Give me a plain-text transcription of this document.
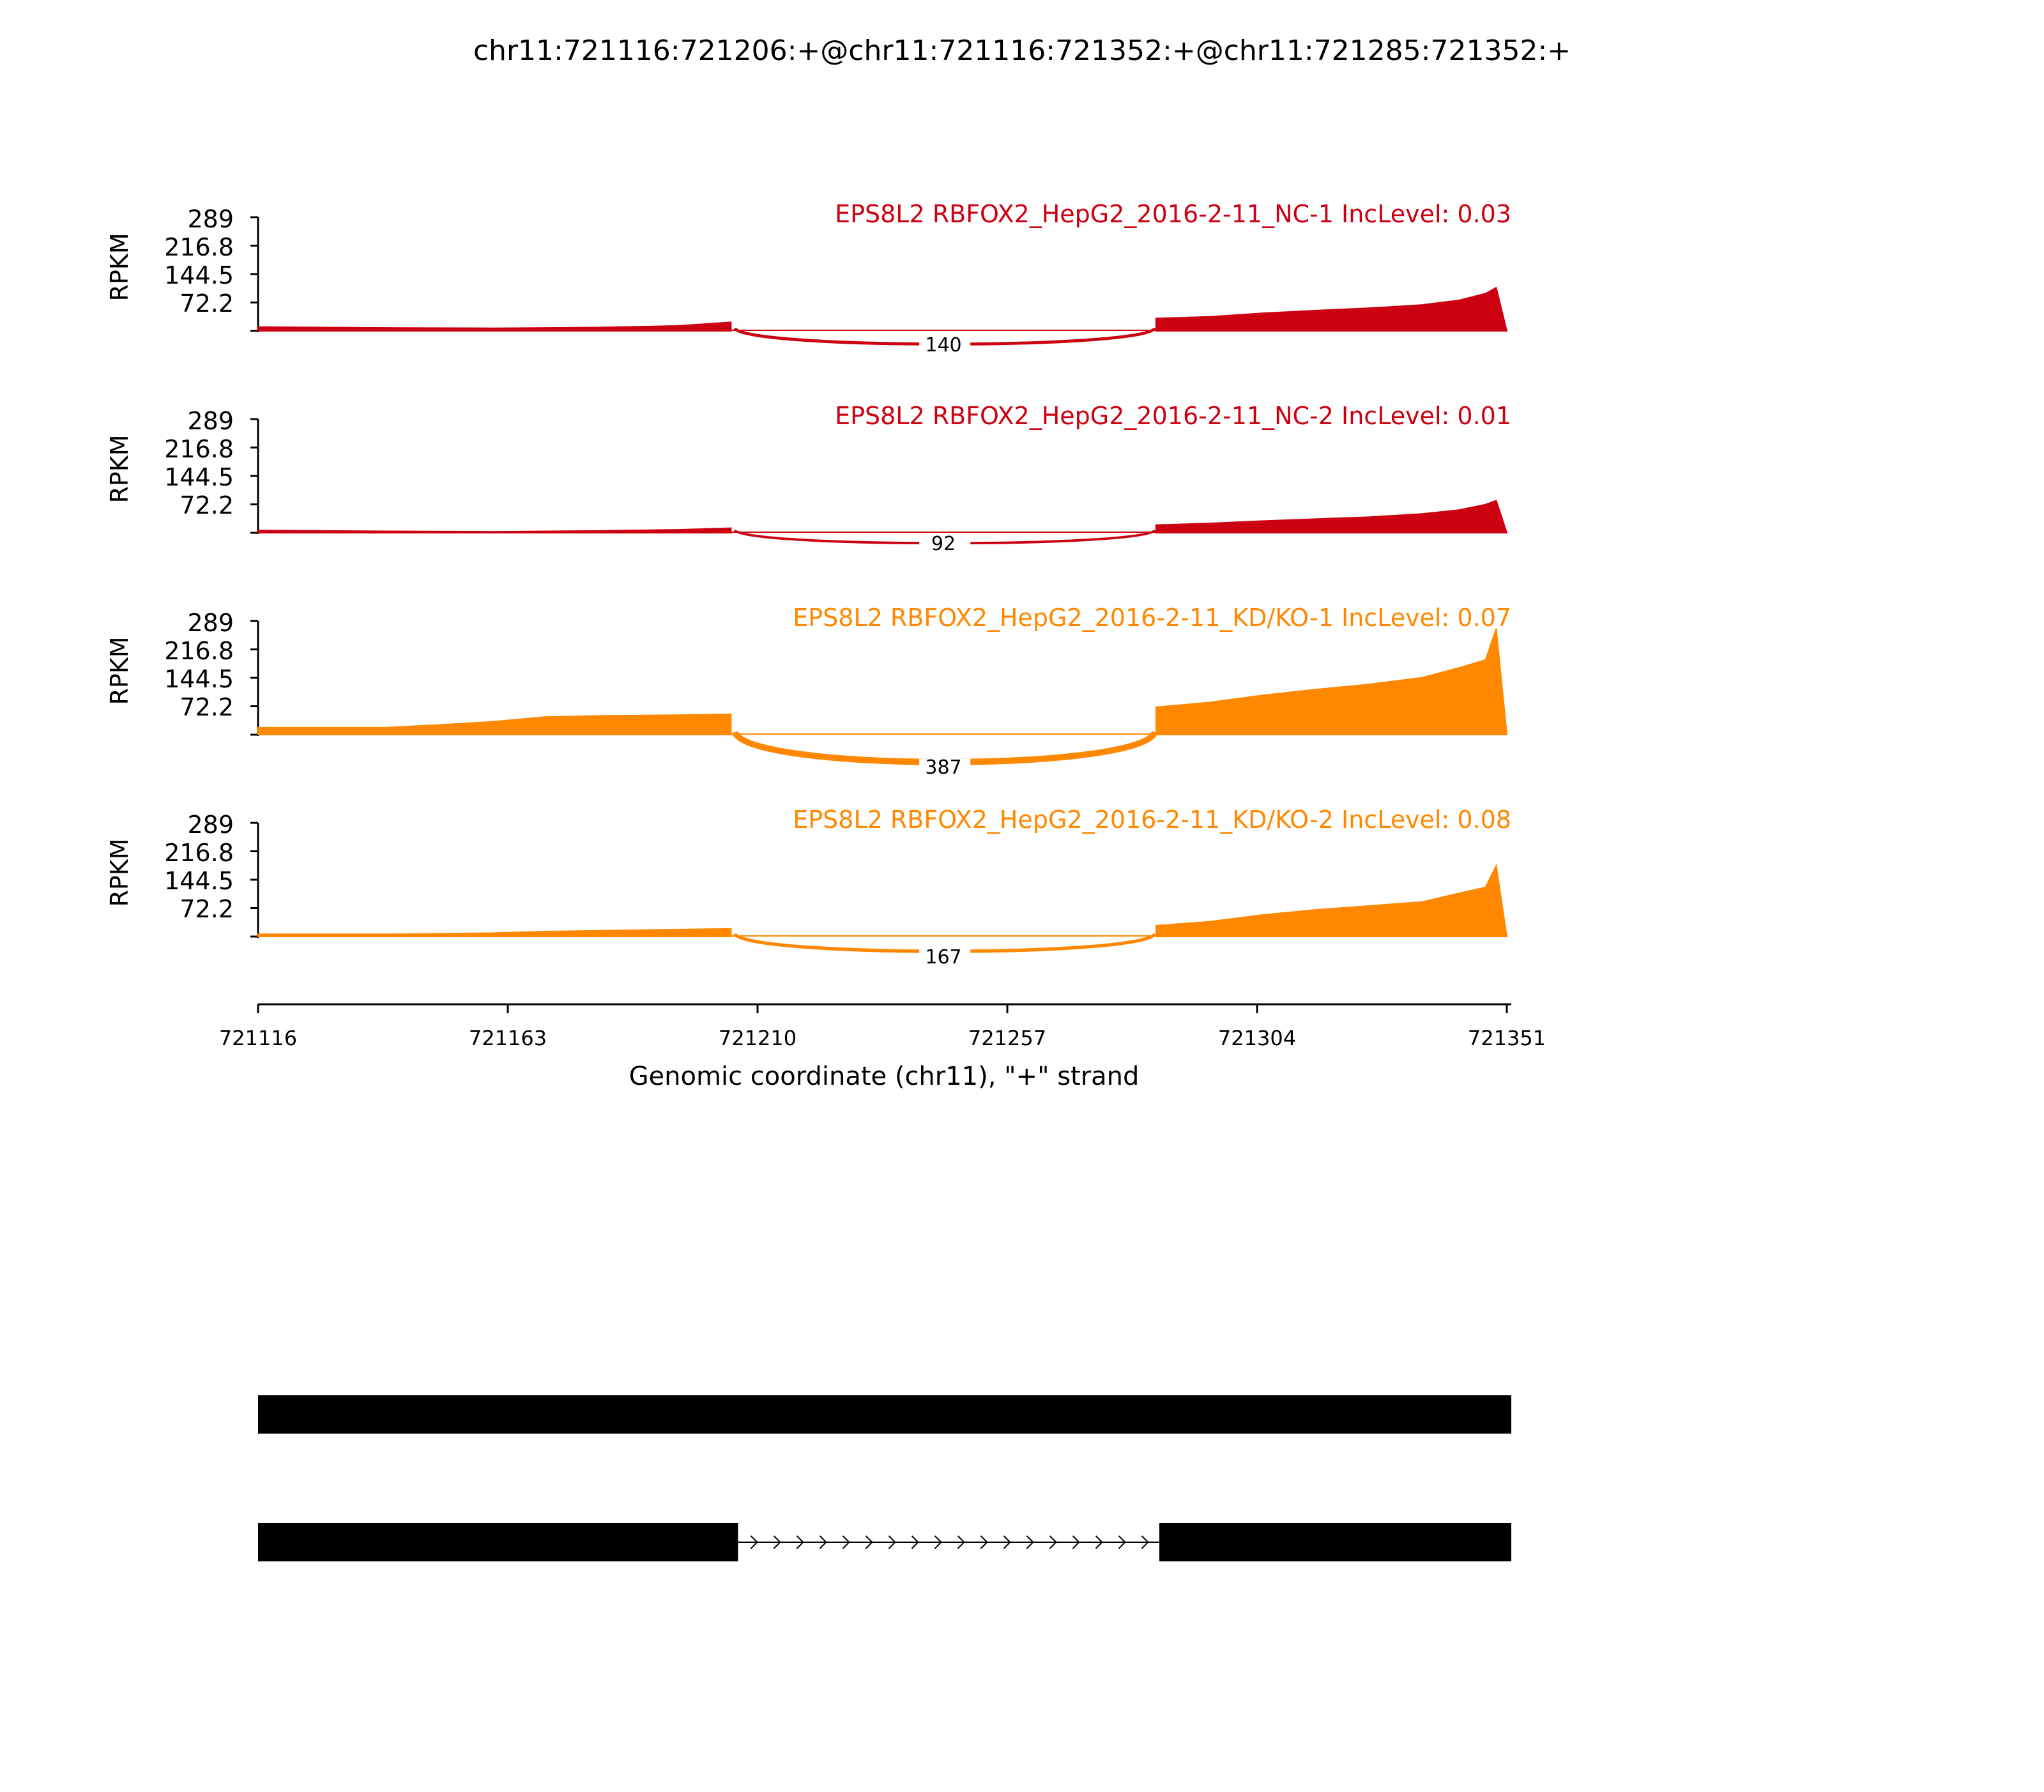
chr11:721116:721206:+@chr11:721116:721352:+@chr11:721285:721352:+
EPS8L2 RBFOX2_HepG2_2016-2-11_NC-1 IncLevel: 0.03
RPKM
289
216.8
144.5
72.2
EPS8L2 RBFOX2_HepG2_2016-2-11_NC-2 IncLevel: 0.01
RPKM
289
216.8
144.5
72.2
EPS8L2 RBFOX2_HepG2_2016-2-11_KD/KO-1 IncLevel: 0.07
RPKM
289
216.8
144.5
72.2
EPS8L2 RBFOX2_HepG2_2016-2-11_KD/KO-2 IncLevel: 0.08
RPKM
289
216.8
144.5
72.2
721116	721163	721210	721257	721304	721351
Genomic coordinate (chr11), "+" strand
140
92
387
167
